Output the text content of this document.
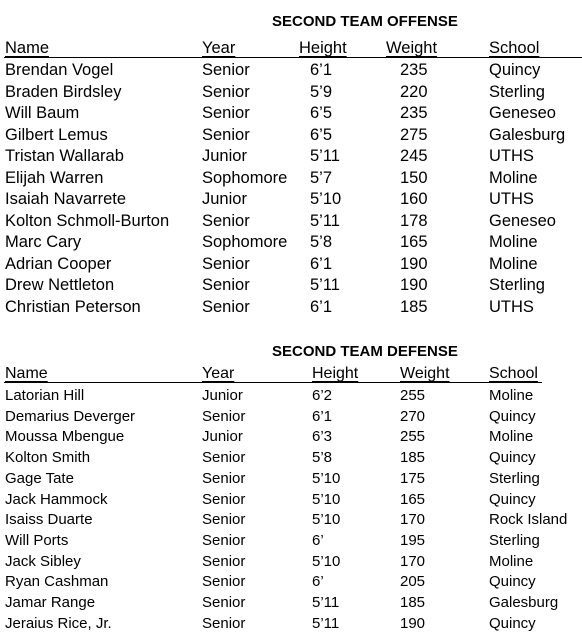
SECOND TEAM OFFENSE
Name	Year	Height Weight	School
Brendan Vogel	Senior	6’1	235	Quincy
Braden Birdsley	Senior	5’9	220	Sterling
Will Baum	Senior	6’5	235	Geneseo
Gilbert Lemus	Senior	6’5	275	Galesburg
Tristan Wallarab	Junior	5’11	245	UTHS
Elijah Warren	Sophomore 5’7	150	Moline
Isaiah Navarrete	Junior	5’10	160	UTHS
Kolton Schmoll-Burton Senior	5’11	178	Geneseo
Marc Cary	Sophomore 5’8	165	Moline
Adrian Cooper	Senior	6’1	190	Moline
Drew Nettleton	Senior	5’11	190	Sterling
Christian Peterson	Senior	6’1	185	UTHS
SECOND TEAM DEFENSE
Name	Year	Height	Weight School
Latorian Hill	Junior	6’2	255	Moline
Demarius Deverger	Senior	6’1	270	Quincy
Moussa Mbengue	Junior	6’3	255	Moline
Kolton Smith	Senior	5’8	185	Quincy
Gage Tate	Senior	5’10	175	Sterling
Jack Hammock	Senior	5’10	165	Quincy
Isaiss Duarte	Senior	5’10	170	Rock Island
Will Ports	Senior	6’	195	Sterling
Jack Sibley	Senior	5’10	170	Moline
Ryan Cashman	Senior	6’	205	Quincy
Jamar Range	Senior	5’11	185	Galesburg
Jeraius Rice, Jr.	Senior	5’11	190	Quincy
